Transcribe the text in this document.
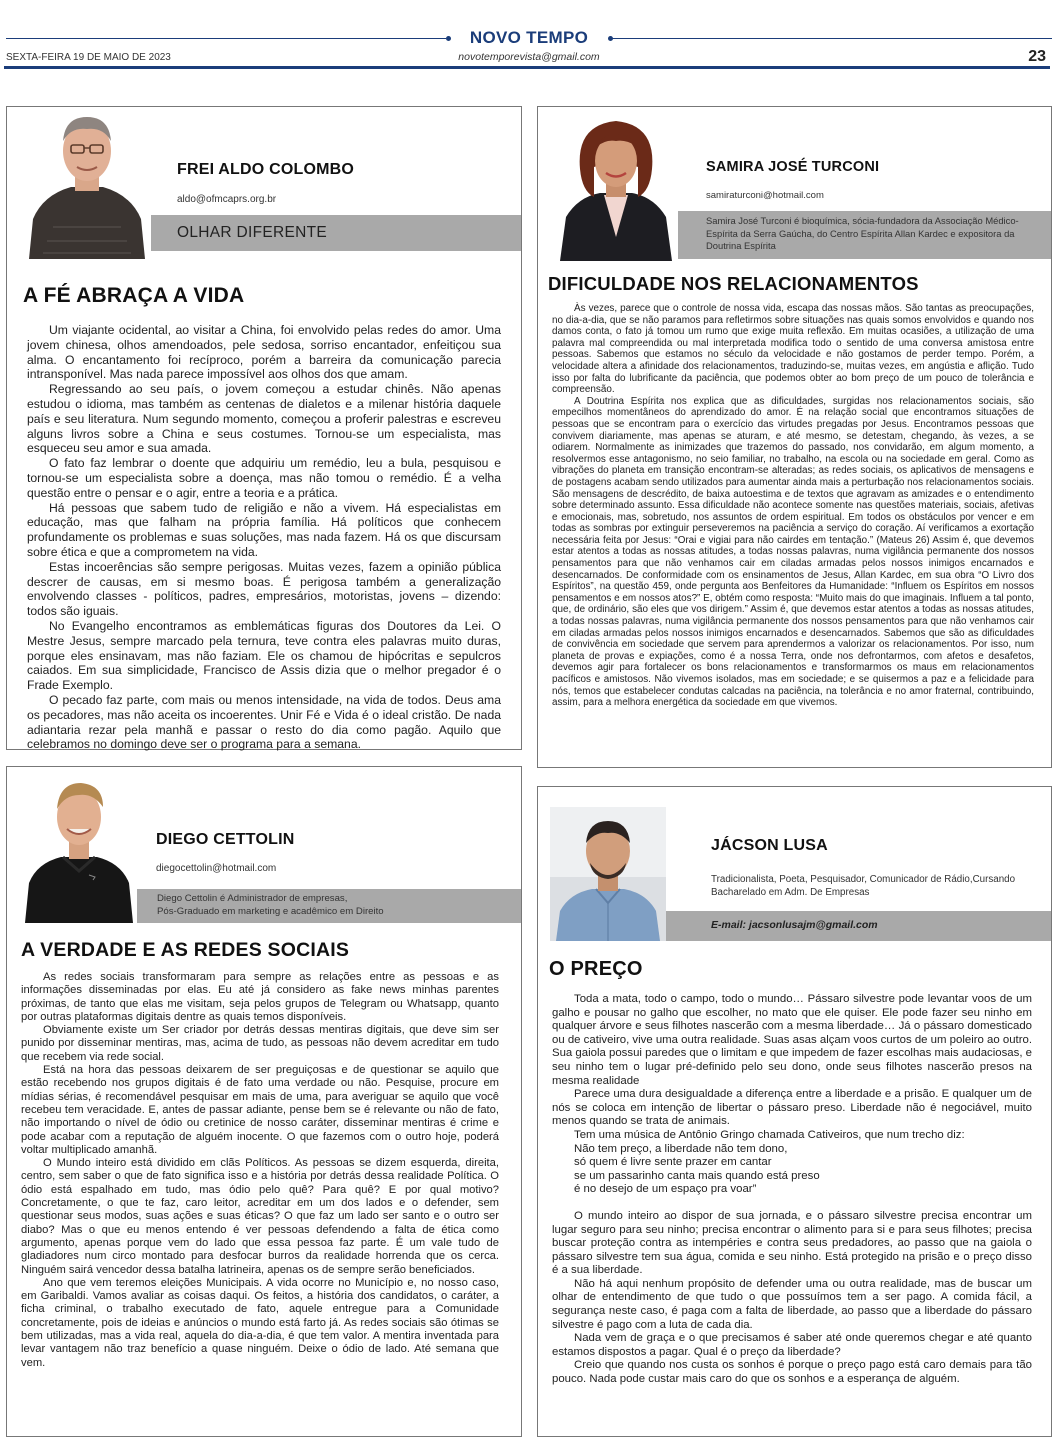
NOVO TEMPO
SEXTA-FEIRA 19 DE MAIO DE 2023	novotemporevista@gmail.com	23
FREI ALDO COLOMBO
aldo@ofmcaprs.org.br
OLHAR DIFERENTE
A FÉ ABRAÇA A VIDA

Um viajante ocidental, ao visitar a China, foi envolvido pelas redes do amor. Uma jovem chinesa, olhos amendoados, pele sedosa, sorriso encantador, enfeitiçou sua alma. O encantamento foi recíproco, porém a barreira da comunicação parecia intransponível. Mas nada parece impossível aos olhos dos que amam.

Regressando ao seu país, o jovem começou a estudar chinês. Não apenas estudou o idioma, mas também as centenas de dialetos e a milenar história daquele país e seu literatura. Num segundo momento, começou a proferir palestras e escreveu alguns livros sobre a China e seus costumes. Tornou-se um especialista, mas esqueceu seu amor e sua amada.

O fato faz lembrar o doente que adquiriu um remédio, leu a bula, pesquisou e tornou-se um especialista sobre a doença, mas não tomou o remédio. É a velha questão entre o pensar e o agir, entre a teoria e a prática.

Há pessoas que sabem tudo de religião e não a vivem. Há especialistas em educação, mas que falham na própria família. Há políticos que conhecem profundamente os problemas e suas soluções, mas nada fazem. Há os que discursam sobre ética e que a comprometem na vida.

Estas incoerências são sempre perigosas. Muitas vezes, fazem a opinião pública descrer de causas, em si mesmo boas. É perigosa também a generalização envolvendo classes - políticos, padres, empresários, motoristas, jovens – dizendo: todos são iguais.

No Evangelho encontramos as emblemáticas figuras dos Doutores da Lei. O Mestre Jesus, sempre marcado pela ternura, teve contra eles palavras muito duras, porque eles ensinavam, mas não faziam. Ele os chamou de hipócritas e sepulcros caiados. Em sua simplicidade, Francisco de Assis dizia que o melhor pregador é o Frade Exemplo.

O pecado faz parte, com mais ou menos intensidade, na vida de todos. Deus ama os pecadores, mas não aceita os incoerentes. Unir Fé e Vida é o ideal cristão. De nada adiantaria rezar pela manhã e passar o resto do dia como pagão. Aquilo que celebramos no domingo deve ser o programa para a semana.

SAMIRA JOSÉ TURCONI
samiraturconi@hotmail.com
Samira José Turconi é bioquímica, sócia-fundadora da Associação Médico-Espírita da Serra Gaúcha, do Centro Espírita Allan Kardec e expositora da Doutrina Espírita
DIFICULDADE NOS RELACIONAMENTOS

Às vezes, parece que o controle de nossa vida, escapa das nossas mãos. São tantas as preocupações, no dia-a-dia, que se não paramos para refletirmos sobre situações nas quais somos envolvidos e quando nos damos conta, o fato já tomou um rumo que exige muita reflexão. Em muitas ocasiões, a utilização de uma palavra mal compreendida ou mal interpretada modifica todo o sentido de uma conversa amistosa entre pessoas. Sabemos que estamos no século da velocidade e não gostamos de perder tempo. Porém, a velocidade altera a afinidade dos relacionamentos, traduzindo-se, muitas vezes, em angústia e aflição. Tudo isso por falta do lubrificante da paciência, que podemos obter ao bom preço de um pouco de tolerância e compreensão.

A Doutrina Espírita nos explica que as dificuldades, surgidas nos relacionamentos sociais, são empecilhos momentâneos do aprendizado do amor. É na relação social que encontramos situações de pessoas que se encontram para o exercício das virtudes pregadas por Jesus. Encontramos pessoas que convivem diariamente, mas apenas se aturam, e até mesmo, se detestam, chegando, às vezes, a se odiarem. Normalmente as inimizades que trazemos do passado, nos convidarão, em algum momento, a resolvermos esse antagonismo, no seio familiar, no trabalho, na escola ou na sociedade em geral. Como as vibrações do planeta em transição encontram-se alteradas; as redes sociais, os aplicativos de mensagens e de postagens acabam sendo utilizados para aumentar ainda mais a perturbação nos relacionamentos sociais. São mensagens de descrédito, de baixa autoestima e de textos que agravam as amizades e o entendimento sobre determinado assunto. Essa dificuldade não acontece somente nas questões materiais, sociais, afetivas e emocionais, mas, sobretudo, nos assuntos de ordem espiritual. Em todos os obstáculos por vencer e em todas as sombras por extinguir perseveremos na paciência a serviço do coração. Aí verificamos a exortação necessária feita por Jesus: “Orai e vigiai para não cairdes em tentação.” (Mateus 26) Assim é, que devemos estar atentos a todas as nossas atitudes, a todas nossas palavras, numa vigilância permanente dos nossos pensamentos para que não venhamos cair em ciladas armadas pelos nossos inimigos encarnados e desencarnados. De conformidade com os ensinamentos de Jesus, Allan Kardec, em sua obra “O Livro dos Espíritos”, na questão 459, onde pergunta aos Benfeitores da Humanidade: “Influem os Espíritos em nossos pensamentos e em nossos atos?” E, obtém como resposta: “Muito mais do que imaginais. Influem a tal ponto, que, de ordinário, são eles que vos dirigem.” Assim é, que devemos estar atentos a todas as nossas atitudes, a todas nossas palavras, numa vigilância permanente dos nossos pensamentos para que não venhamos cair em ciladas armadas pelos nossos inimigos encarnados e desencarnados. Sabemos que são as dificuldades de convivência em sociedade que servem para aprendermos a valorizar os relacionamentos. Por isso, num planeta de provas e expiações, como é a nossa Terra, onde nos defrontarmos, com afetos e desafetos, devemos agir para fortalecer os bons relacionamentos e transformarmos os maus em relacionamentos pacíficos e amistosos. Não vivemos isolados, mas em sociedade; e se quisermos a paz e a felicidade para nós, temos que estabelecer condutas calcadas na paciência, na tolerância e no amor fraternal, contribuindo, assim, para a melhora energética da sociedade em que vivemos.

DIEGO CETTOLIN
diegocettolin@hotmail.com
Diego Cettolin é Administrador de empresas,
Pós-Graduado em marketing e acadêmico em Direito
A VERDADE E AS REDES SOCIAIS

As redes sociais transformaram para sempre as relações entre as pessoas e as informações disseminadas por elas. Eu até já considero as fake news minhas parentes próximas, de tanto que elas me visitam, seja pelos grupos de Telegram ou Whatsapp, quanto por outras plataformas digitais dentre as quais temos disponíveis.

Obviamente existe um Ser criador por detrás dessas mentiras digitais, que deve sim ser punido por disseminar mentiras, mas, acima de tudo, as pessoas não devem acreditar em tudo que recebem via rede social.

Está na hora das pessoas deixarem de ser preguiçosas e de questionar se aquilo que estão recebendo nos grupos digitais é de fato uma verdade ou não. Pesquise, procure em mídias sérias, é recomendável pesquisar em mais de uma, para averiguar se aquilo que você recebeu tem veracidade. E, antes de passar adiante, pense bem se é relevante ou não de fato, não importando o nível de ódio ou cretinice de nosso caráter, disseminar mentiras é crime e pode acabar com a reputação de alguém inocente. O que fazemos com o outro hoje, poderá voltar multiplicado amanhã.

O Mundo inteiro está dividido em clãs Políticos. As pessoas se dizem esquerda, direita, centro, sem saber o que de fato significa isso e a história por detrás dessa realidade Política. O ódio está espalhado em tudo, mas ódio pelo quê? Para quê? E por qual motivo? Concretamente, o que te faz, caro leitor, acreditar em um dos lados e o defender, sem questionar seus modos, suas ações e suas éticas? O que faz um lado ser santo e o outro ser diabo? Mas o que eu menos entendo é ver pessoas defendendo a falta de ética como argumento, apenas porque vem do lado que essa pessoa faz parte. É um vale tudo de gladiadores num circo montado para desfocar burros da realidade horrenda que os cerca. Ninguém sairá vencedor dessa batalha latrineira, apenas os de sempre serão beneficiados.

Ano que vem teremos eleições Municipais. A vida ocorre no Município e, no nosso caso, em Garibaldi. Vamos avaliar as coisas daqui. Os feitos, a história dos candidatos, o caráter, a ficha criminal, o trabalho executado de fato, aquele entregue para a Comunidade concretamente, pois de ideias e anúncios o mundo está farto já. As redes sociais são ótimas se bem utilizadas, mas a vida real, aquela do dia-a-dia, é que tem valor. A mentira inventada para levar vantagem não traz benefício a quase ninguém. Deixe o ódio de lado. Até semana que vem.

JÁCSON LUSA
Tradicionalista, Poeta, Pesquisador, Comunicador de Rádio,Cursando
Bacharelado em Adm. De Empresas
E-mail: jacsonlusajm@gmail.com
O PREÇO

Toda a mata, todo o campo, todo o mundo… Pássaro silvestre pode levantar voos de um galho e pousar no galho que escolher, no mato que ele quiser. Ele pode fazer seu ninho em qualquer árvore e seus filhotes nascerão com a mesma liberdade… Já o pássaro domesticado ou de cativeiro, vive uma outra realidade. Suas asas alçam voos curtos de um poleiro ao outro. Sua gaiola possui paredes que o limitam e que impedem de fazer escolhas mais audaciosas, e seu ninho tem o lugar pré-definido pelo seu dono, onde seus filhotes nascerão presos na mesma realidade

Parece uma dura desigualdade a diferença entre a liberdade e a prisão. E qualquer um de nós se coloca em intenção de libertar o pássaro preso. Liberdade não é negociável, muito menos quando se trata de animais.

Tem uma música de Antônio Gringo chamada Cativeiros, que num trecho diz:

Não tem preço, a liberdade não tem dono,
só quem é livre sente prazer em cantar
se um passarinho canta mais quando está preso
é no desejo de um espaço pra voar”

O mundo inteiro ao dispor de sua jornada, e o pássaro silvestre precisa encontrar um lugar seguro para seu ninho; precisa encontrar o alimento para si e para seus filhotes; precisa buscar proteção contra as intempéries e contra seus predadores, ao passo que na gaiola o pássaro silvestre tem sua água, comida e seu ninho. Está protegido na prisão e o preço disso é a sua liberdade.

Não há aqui nenhum propósito de defender uma ou outra realidade, mas de buscar um olhar de entendimento de que tudo o que possuímos tem a ser pago. A comida fácil, a segurança neste caso, é paga com a falta de liberdade, ao passo que a liberdade do pássaro silvestre é pago com a luta de cada dia.

Nada vem de graça e o que precisamos é saber até onde queremos chegar e até quanto estamos dispostos a pagar. Qual é o preço da liberdade?

Creio que quando nos custa os sonhos é porque o preço pago está caro demais para tão pouco. Nada pode custar mais caro do que os sonhos e a esperança de alguém.
